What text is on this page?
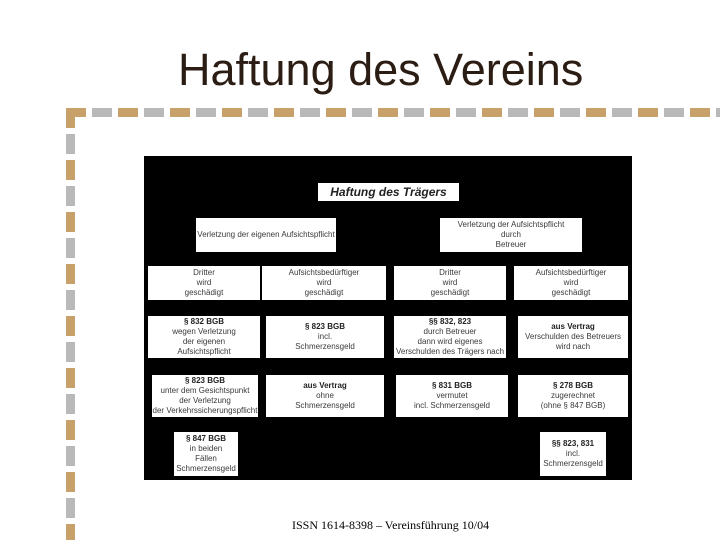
Haftung des Vereins
Haftung des Trägers
Verletzung der eigenen Aufsichtspflicht
Verletzung der Aufsichtspflicht
durch
Betreuer
Dritter
wird
geschädigt
Aufsichtsbedürftiger
wird
geschädigt
Dritter
wird
geschädigt
Aufsichtsbedürftiger
wird
geschädigt
§ 832 BGB
wegen Verletzung
der eigenen
Aufsichtspflicht
§ 823 BGB
incl.
Schmerzensgeld
§§ 832, 823
durch Betreuer
dann wird eigenes
Verschulden des Trägers nach
aus Vertrag
Verschulden des Betreuers
wird nach
§ 823 BGB
unter dem Gesichtspunkt
der Verletzung
der Verkehrssicherungspflicht
aus Vertrag
ohne
Schmerzensgeld
§ 831 BGB
vermutet
incl. Schmerzensgeld
§ 278 BGB
zugerechnet
(ohne § 847 BGB)
§ 847 BGB
in beiden
Fällen
Schmerzensgeld
§§ 823, 831
incl.
Schmerzensgeld
ISSN 1614-8398 – Vereinsführung 10/04
